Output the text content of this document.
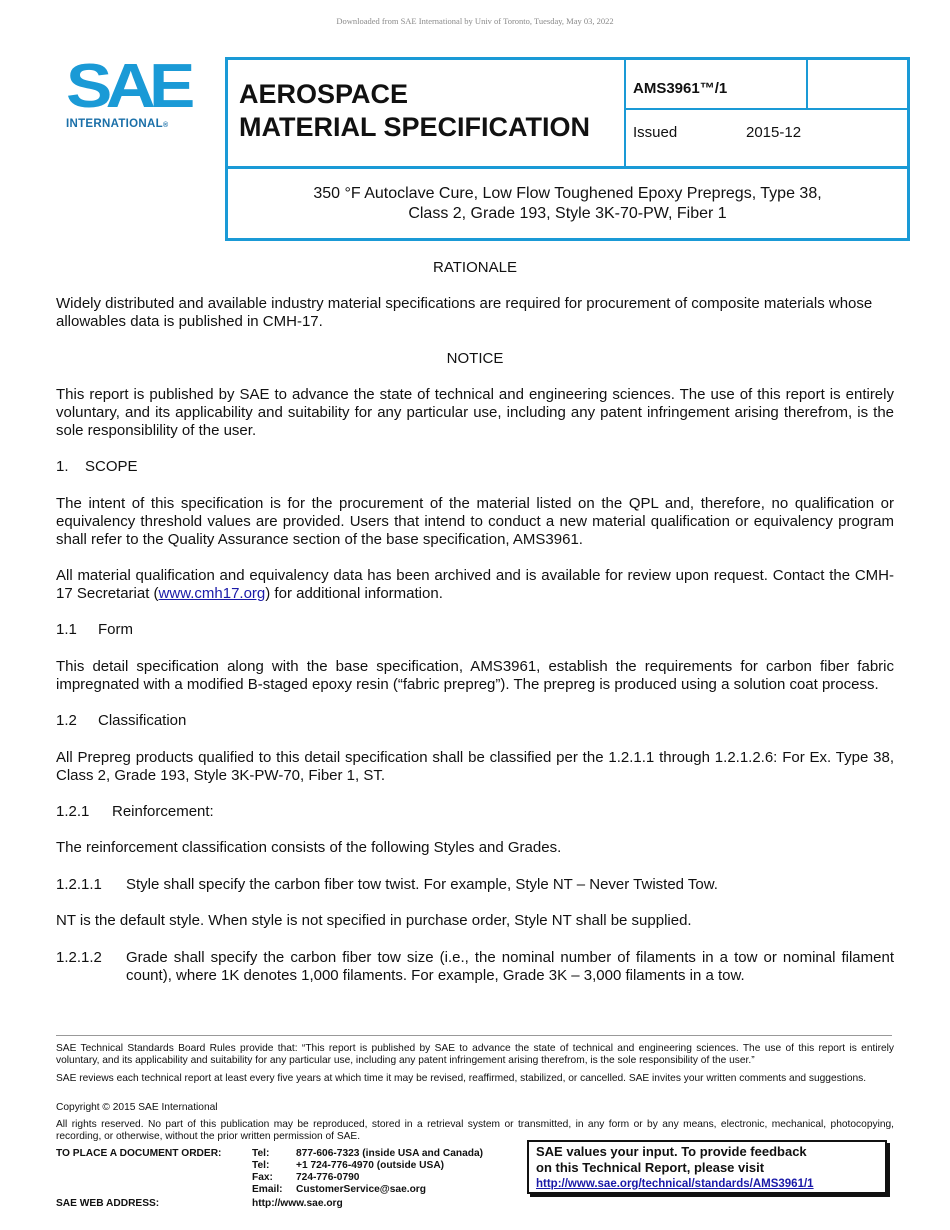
Downloaded from SAE International by Univ of Toronto, Tuesday, May 03, 2022
SAE
INTERNATIONAL®
AEROSPACE
MATERIAL SPECIFICATION
AMS3961™/1
Issued	2015-12
350 °F Autoclave Cure, Low Flow Toughened Epoxy Prepregs, Type 38,
Class 2, Grade 193, Style 3K-70-PW, Fiber 1
RATIONALE
Widely distributed and available industry material specifications are required for procurement of composite materials whose allowables data is published in CMH-17.
NOTICE
This report is published by SAE to advance the state of technical and engineering sciences. The use of this report is entirely voluntary, and its applicability and suitability for any particular use, including any patent infringement arising therefrom, is the sole responsiblility of the user.
1. SCOPE
The intent of this specification is for the procurement of the material listed on the QPL and, therefore, no qualification or equivalency threshold values are provided. Users that intend to conduct a new material qualification or equivalency program shall refer to the Quality Assurance section of the base specification, AMS3961.
All material qualification and equivalency data has been archived and is available for review upon request. Contact the CMH-17 Secretariat (www.cmh17.org) for additional information.
1.1 Form
This detail specification along with the base specification, AMS3961, establish the requirements for carbon fiber fabric impregnated with a modified B-staged epoxy resin (“fabric prepreg”). The prepreg is produced using a solution coat process.
1.2 Classification
All Prepreg products qualified to this detail specification shall be classified per the 1.2.1.1 through 1.2.1.2.6: For Ex. Type 38, Class 2, Grade 193, Style 3K-PW-70, Fiber 1, ST.
1.2.1 Reinforcement:
The reinforcement classification consists of the following Styles and Grades.
1.2.1.1 Style shall specify the carbon fiber tow twist. For example, Style NT – Never Twisted Tow.
NT is the default style. When style is not specified in purchase order, Style NT shall be supplied.
1.2.1.2	Grade shall specify the carbon fiber tow size (i.e., the nominal number of filaments in a tow or nominal filament count), where 1K denotes 1,000 filaments. For example, Grade 3K – 3,000 filaments in a tow.
SAE Technical Standards Board Rules provide that: “This report is published by SAE to advance the state of technical and engineering sciences. The use of this report is entirely voluntary, and its applicability and suitability for any particular use, including any patent infringement arising therefrom, is the sole responsibility of the user.”
SAE reviews each technical report at least every five years at which time it may be revised, reaffirmed, stabilized, or cancelled. SAE invites your written comments and suggestions.
Copyright © 2015 SAE International
All rights reserved. No part of this publication may be reproduced, stored in a retrieval system or transmitted, in any form or by any means, electronic, mechanical, photocopying, recording, or otherwise, without the prior written permission of SAE.
TO PLACE A DOCUMENT ORDER:	Tel:	877-606-7323 (inside USA and Canada)
Tel:	+1 724-776-4970 (outside USA)
Fax: 724-776-0790
Email: CustomerService@sae.org
SAE WEB ADDRESS:	http://www.sae.org
SAE values your input. To provide feedback
on this Technical Report, please visit
http://www.sae.org/technical/standards/AMS3961/1
